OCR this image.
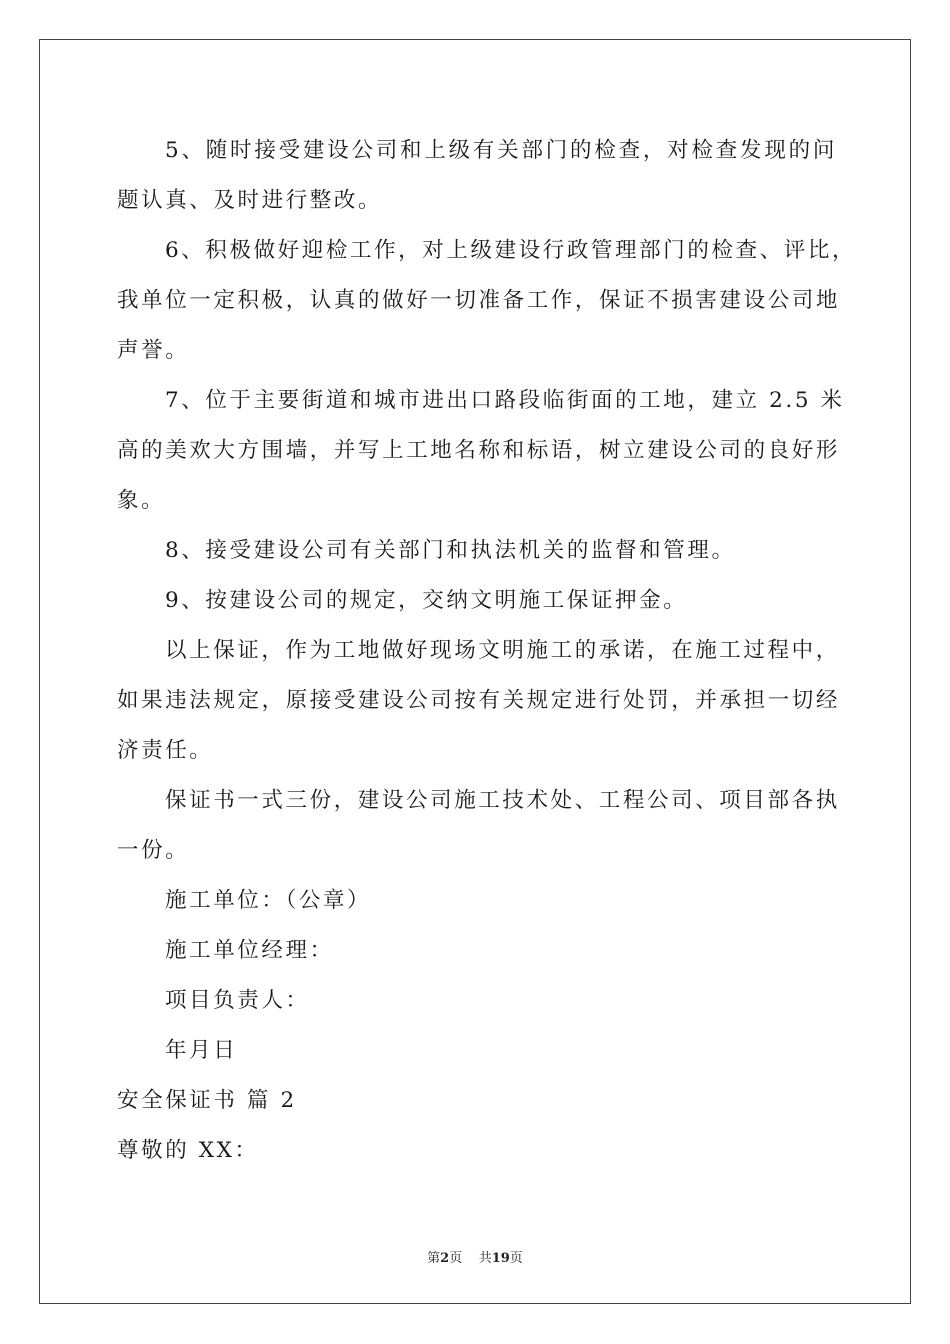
5、随时接受建设公司和上级有关部门的检查，对检查发现的问
题认真、及时进行整改。
6、积极做好迎检工作，对上级建设行政管理部门的检查、评比，
我单位一定积极，认真的做好一切准备工作，保证不损害建设公司地
声誉。
7、位于主要街道和城市进出口路段临街面的工地，建立 2.5 米
高的美欢大方围墙，并写上工地名称和标语，树立建设公司的良好形
象。
8、接受建设公司有关部门和执法机关的监督和管理。
9、按建设公司的规定，交纳文明施工保证押金。
以上保证，作为工地做好现场文明施工的承诺，在施工过程中，
如果违法规定，原接受建设公司按有关规定进行处罚，并承担一切经
济责任。
保证书一式三份，建设公司施工技术处、工程公司、项目部各执
一份。
施工单位：（公章）
施工单位经理：
项目负责人：
年月日
安全保证书 篇 2
尊敬的 XX：
第2页 共19页
